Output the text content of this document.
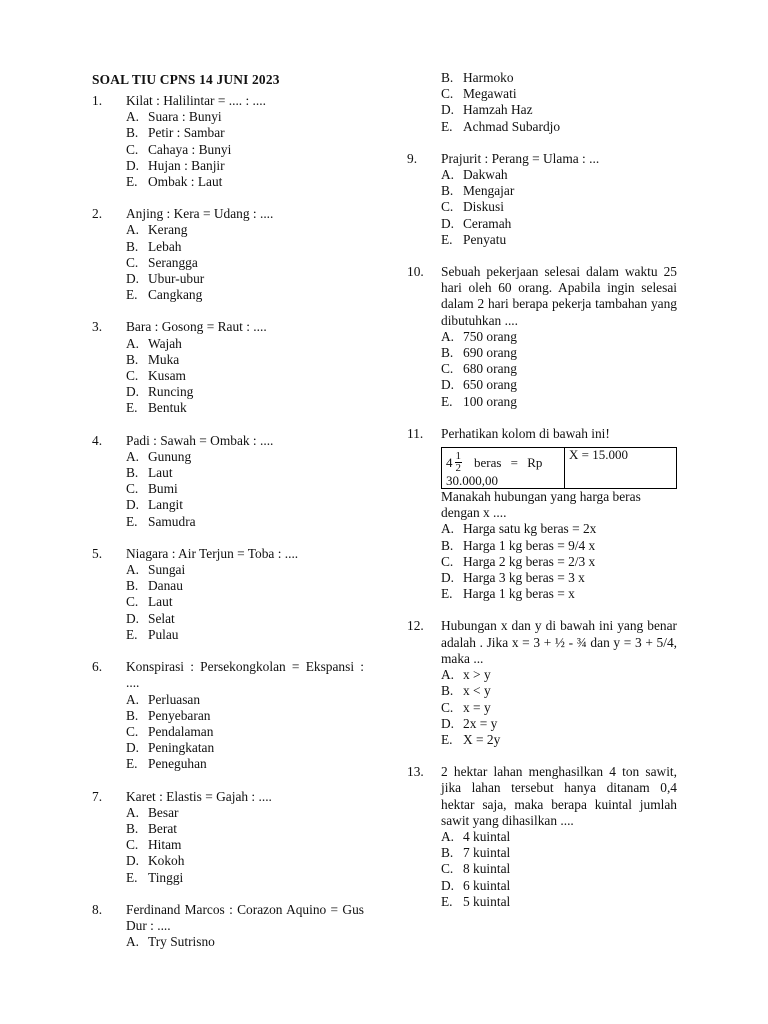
SOAL TIU CPNS 14 JUNI 2023
1. Kilat : Halilintar = .... : ....
A. Suara : Bunyi
B. Petir : Sambar
C. Cahaya : Bunyi
D. Hujan : Banjir
E. Ombak : Laut
2. Anjing : Kera = Udang : ....
A. Kerang
B. Lebah
C. Serangga
D. Ubur-ubur
E. Cangkang
3. Bara : Gosong = Raut : ....
A. Wajah
B. Muka
C. Kusam
D. Runcing
E. Bentuk
4. Padi : Sawah = Ombak : ....
A. Gunung
B. Laut
C. Bumi
D. Langit
E. Samudra
5. Niagara : Air Terjun = Toba : ....
A. Sungai
B. Danau
C. Laut
D. Selat
E. Pulau
6. Konspirasi : Persekongkolan = Ekspansi : ....
A. Perluasan
B. Penyebaran
C. Pendalaman
D. Peningkatan
E. Peneguhan
7. Karet : Elastis = Gajah : ....
A. Besar
B. Berat
C. Hitam
D. Kokoh
E. Tinggi
8. Ferdinand Marcos : Corazon Aquino = Gus Dur : ....
A. Try Sutrisno
B. Harmoko
C. Megawati
D. Hamzah Haz
E. Achmad Subardjo
9. Prajurit : Perang = Ulama : ...
A. Dakwah
B. Mengajar
C. Diskusi
D. Ceramah
E. Penyatu
10. Sebuah pekerjaan selesai dalam waktu 25 hari oleh 60 orang. Apabila ingin selesai dalam 2 hari berapa pekerja tambahan yang dibutuhkan ....
A. 750 orang
B. 690 orang
C. 680 orang
D. 650 orang
E. 100 orang
11. Perhatikan kolom di bawah ini!
$4 \frac{1}{2}$ beras = Rp
30.000,00
X = 15.000
Manakah hubungan yang harga beras dengan x ....
A. Harga satu kg beras = 2x
B. Harga 1 kg beras = 9/4 x
C. Harga 2 kg beras = 2/3 x
D. Harga 3 kg beras = 3 x
E. Harga 1 kg beras = x
12. Hubungan x dan y di bawah ini yang benar adalah . Jika x = 3 + ½ - ¾ dan y = 3 + 5/4, maka ...
A. x > y
B. x < y
C. x = y
D. 2x = y
E. X = 2y
13. 2 hektar lahan menghasilkan 4 ton sawit, jika lahan tersebut hanya ditanam 0,4 hektar saja, maka berapa kuintal jumlah sawit yang dihasilkan ....
A. 4 kuintal
B. 7 kuintal
C. 8 kuintal
D. 6 kuintal
E. 5 kuintal
